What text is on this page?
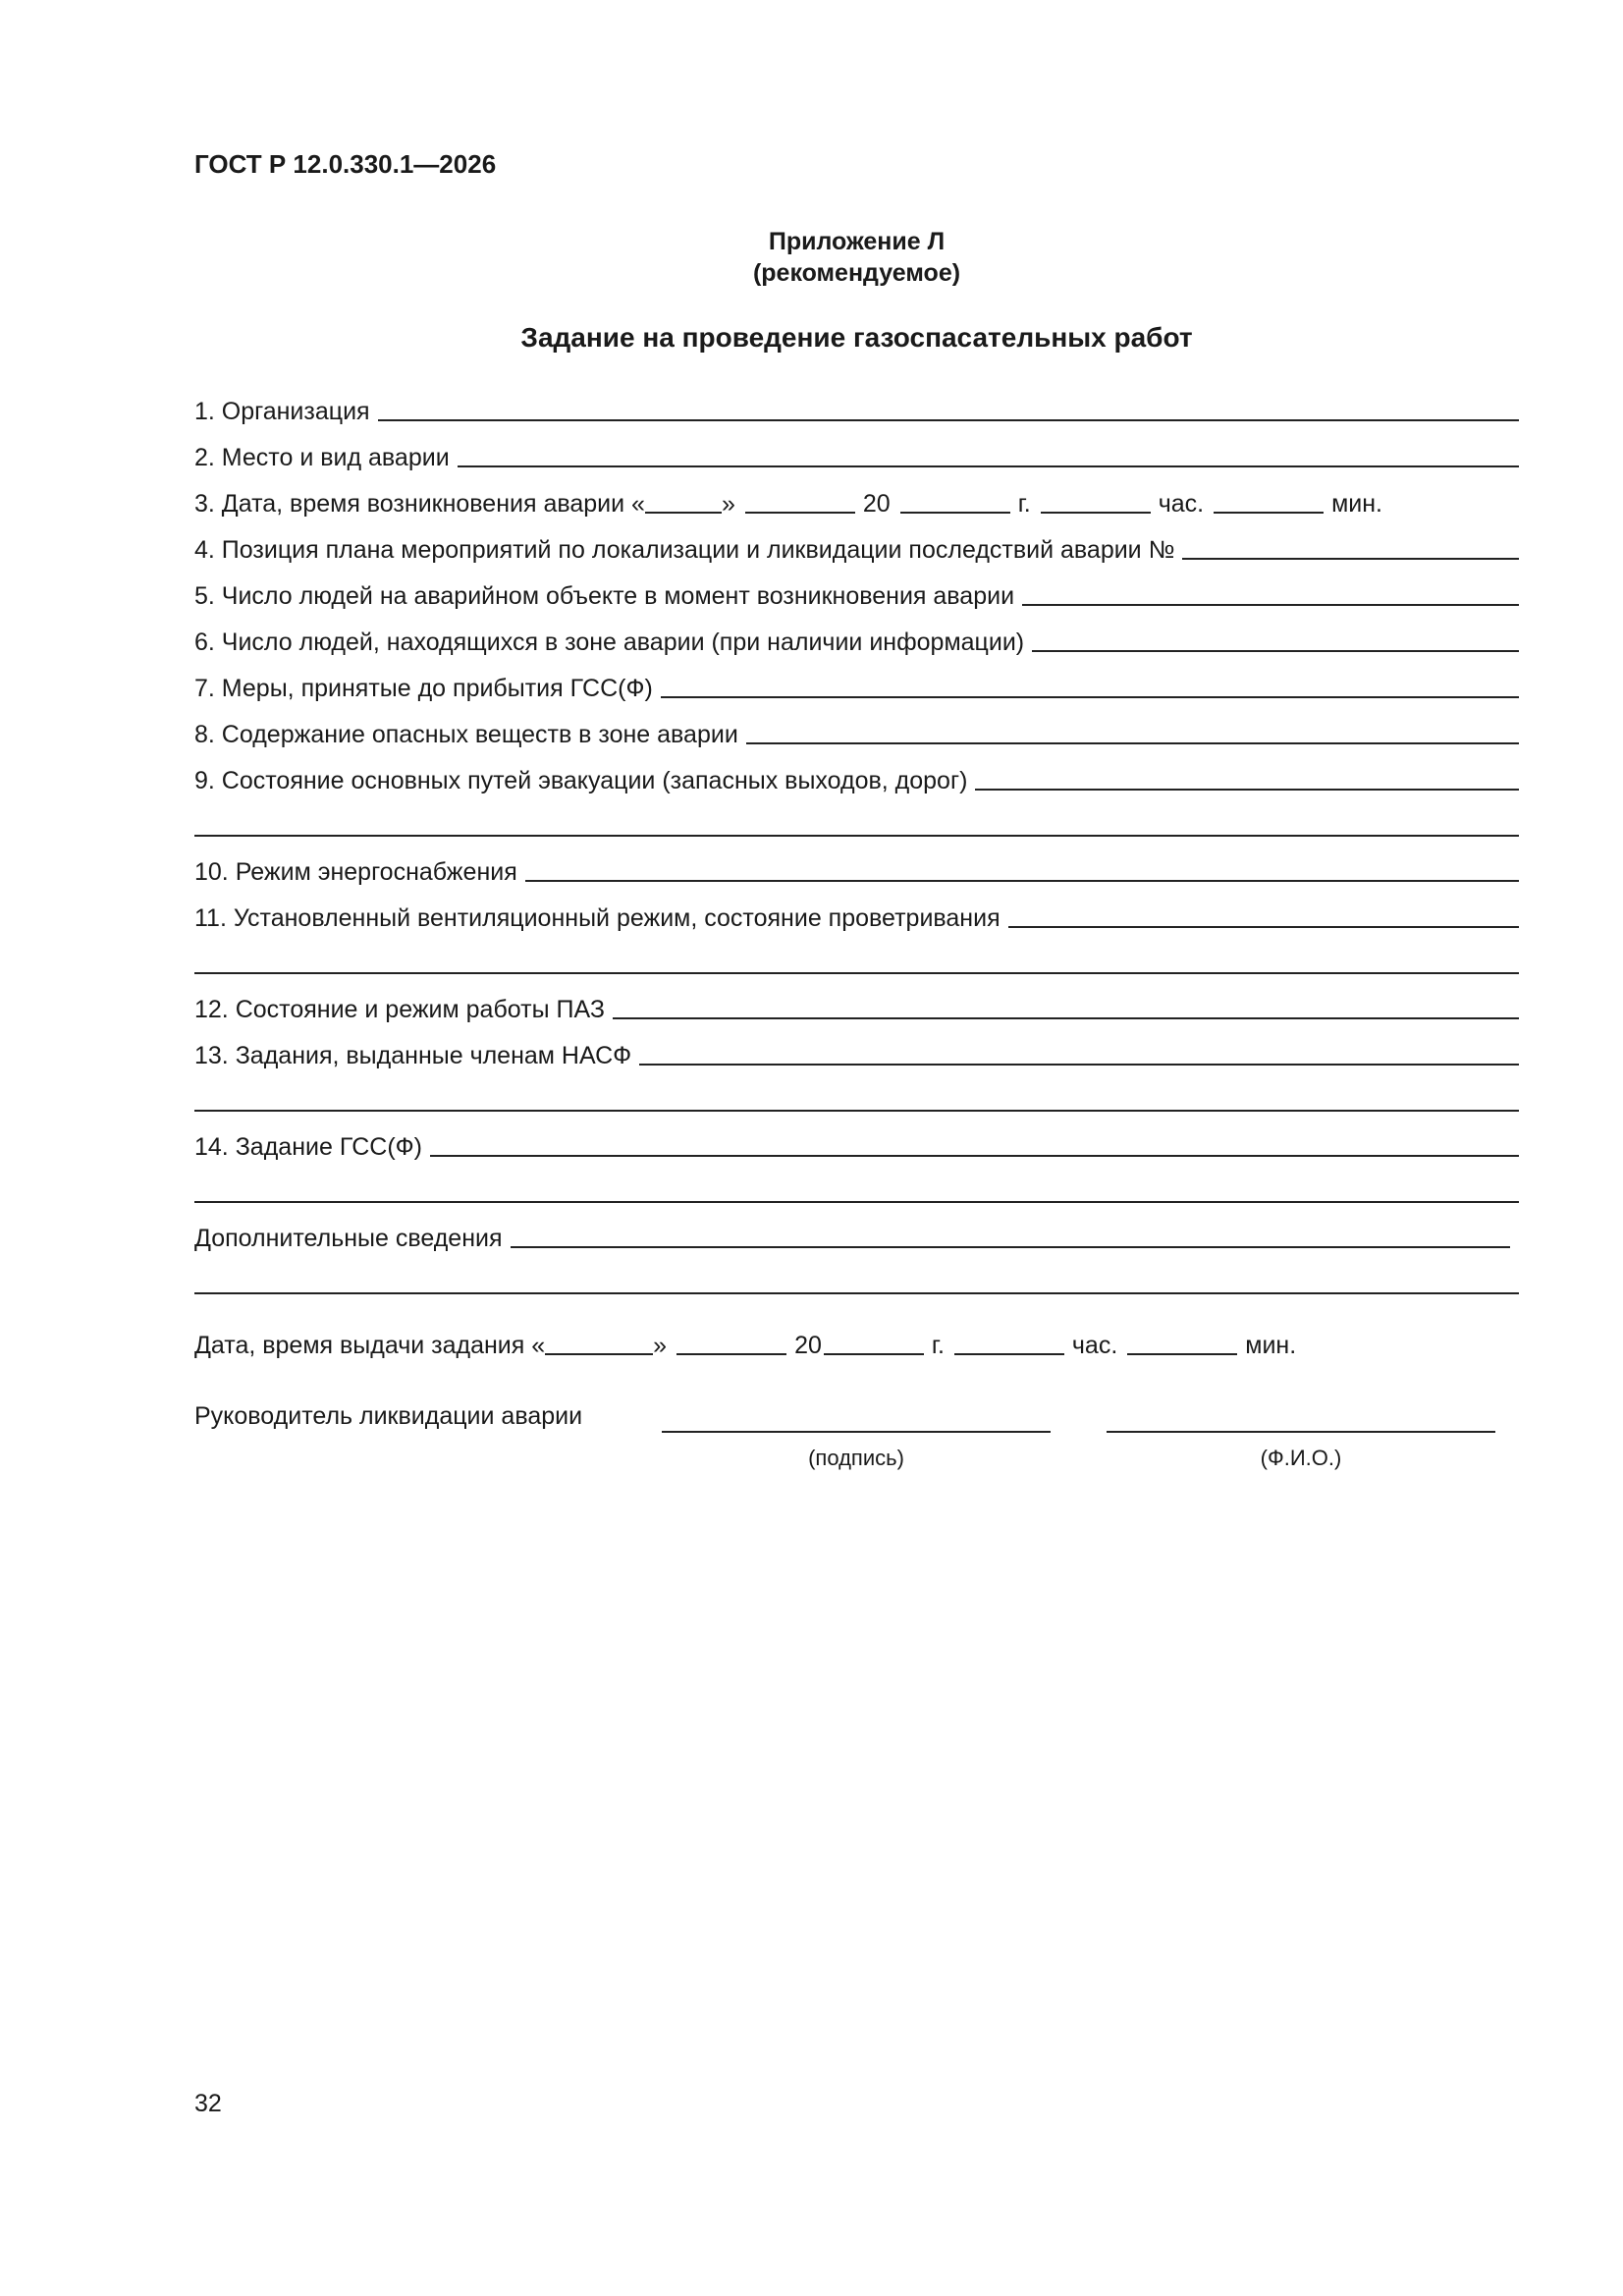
ГОСТ Р 12.0.330.1—2026
Приложение Л
(рекомендуемое)
Задание на проведение газоспасательных работ
1. Организация
2. Место и вид аварии
3. Дата, время возникновения аварии «	»	20	г.	час.	мин.
4. Позиция плана мероприятий по локализации и ликвидации последствий аварии №
5. Число людей на аварийном объекте в момент возникновения аварии
6. Число людей, находящихся в зоне аварии (при наличии информации)
7. Меры, принятые до прибытия ГСС(Ф)
8. Содержание опасных веществ в зоне аварии
9. Состояние основных путей эвакуации (запасных выходов, дорог)
10. Режим энергоснабжения
11. Установленный вентиляционный режим, состояние проветривания
12. Состояние и режим работы ПАЗ
13. Задания, выданные членам НАСФ
14. Задание ГСС(Ф)
Дополнительные сведения
Дата, время выдачи задания «	»	20	г.	час.	мин.
Руководитель ликвидации аварии
(подпись)	(Ф.И.О.)
32
